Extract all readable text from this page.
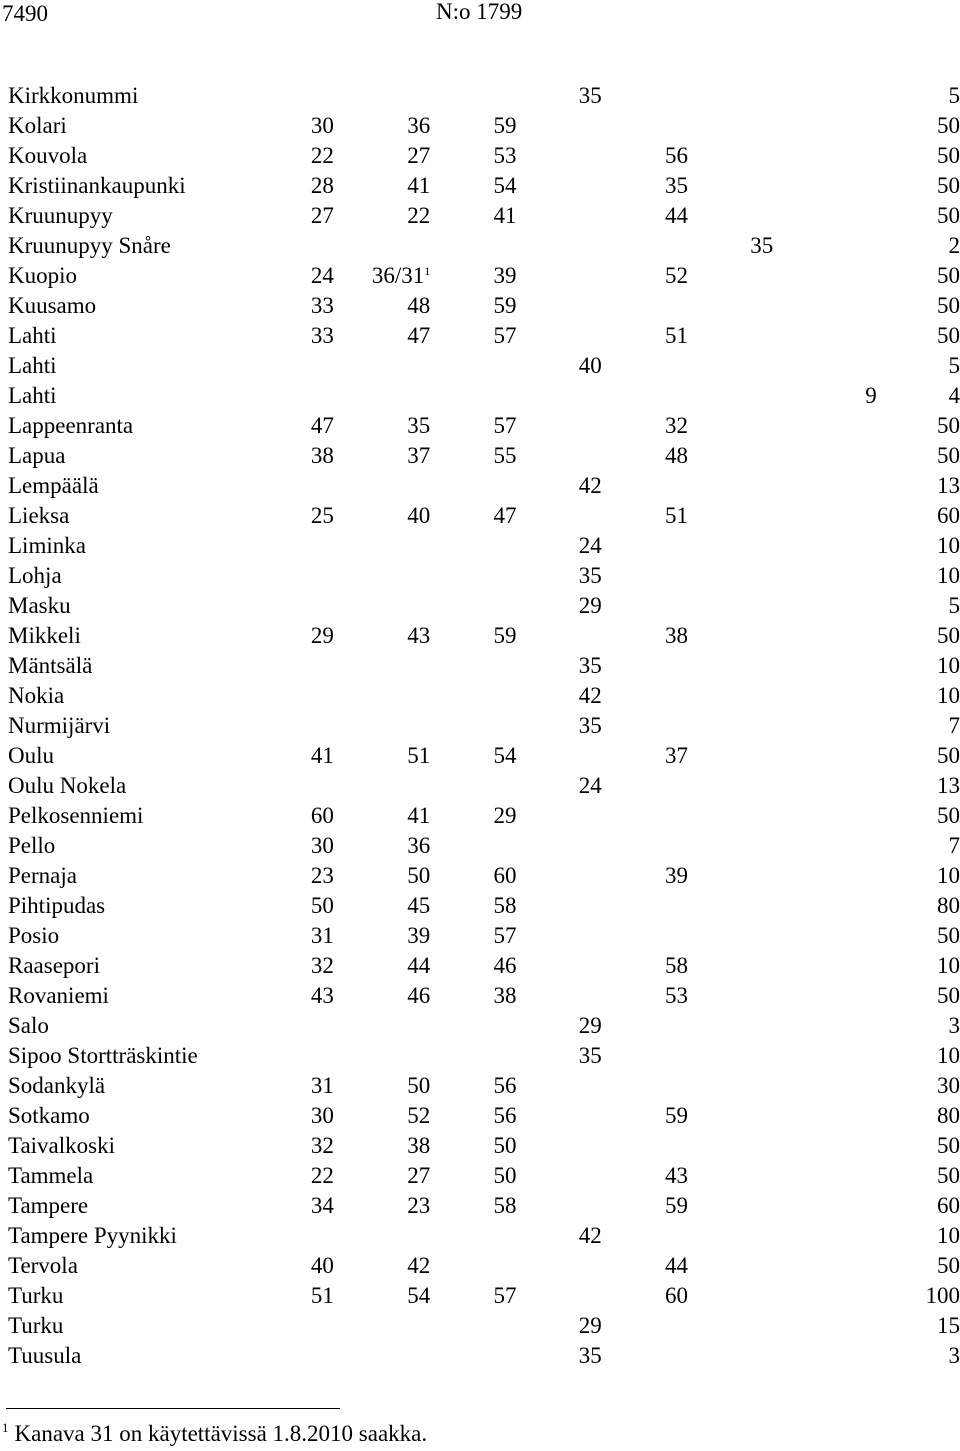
7490	N:o 1799
Kirkkonummi				35				5
Kolari	30	36	59					50
Kouvola	22	27	53		56			50
Kristiinankaupunki	28	41	54		35			50
Kruunupyy	27	22	41		44			50
Kruunupyy Snåre						35		2
Kuopio	24	36/31$^1$	39		52			50
Kuusamo	33	48	59					50
Lahti	33	47	57		51			50
Lahti				40				5
Lahti							9	4
Lappeenranta	47	35	57		32			50
Lapua	38	37	55		48			50
Lempäälä				42				13
Lieksa	25	40	47		51			60
Liminka				24				10
Lohja				35				10
Masku				29				5
Mikkeli	29	43	59		38			50
Mäntsälä				35				10
Nokia				42				10
Nurmijärvi				35				7
Oulu	41	51	54		37			50
Oulu Nokela				24				13
Pelkosenniemi	60	41	29					50
Pello	30	36						7
Pernaja	23	50	60		39			10
Pihtipudas	50	45	58					80
Posio	31	39	57					50
Raasepori	32	44	46		58			10
Rovaniemi	43	46	38		53			50
Salo				29				3
Sipoo Stortträskintie				35				10
Sodankylä	31	50	56					30
Sotkamo	30	52	56		59			80
Taivalkoski	32	38	50					50
Tammela	22	27	50		43			50
Tampere	34	23	58		59			60
Tampere Pyynikki				42				10
Tervola	40	42			44			50
Turku	51	54	57		60			100
Turku				29				15
Tuusula				35				3
$^1$ Kanava 31 on käytettävissä 1.8.2010 saakka.
